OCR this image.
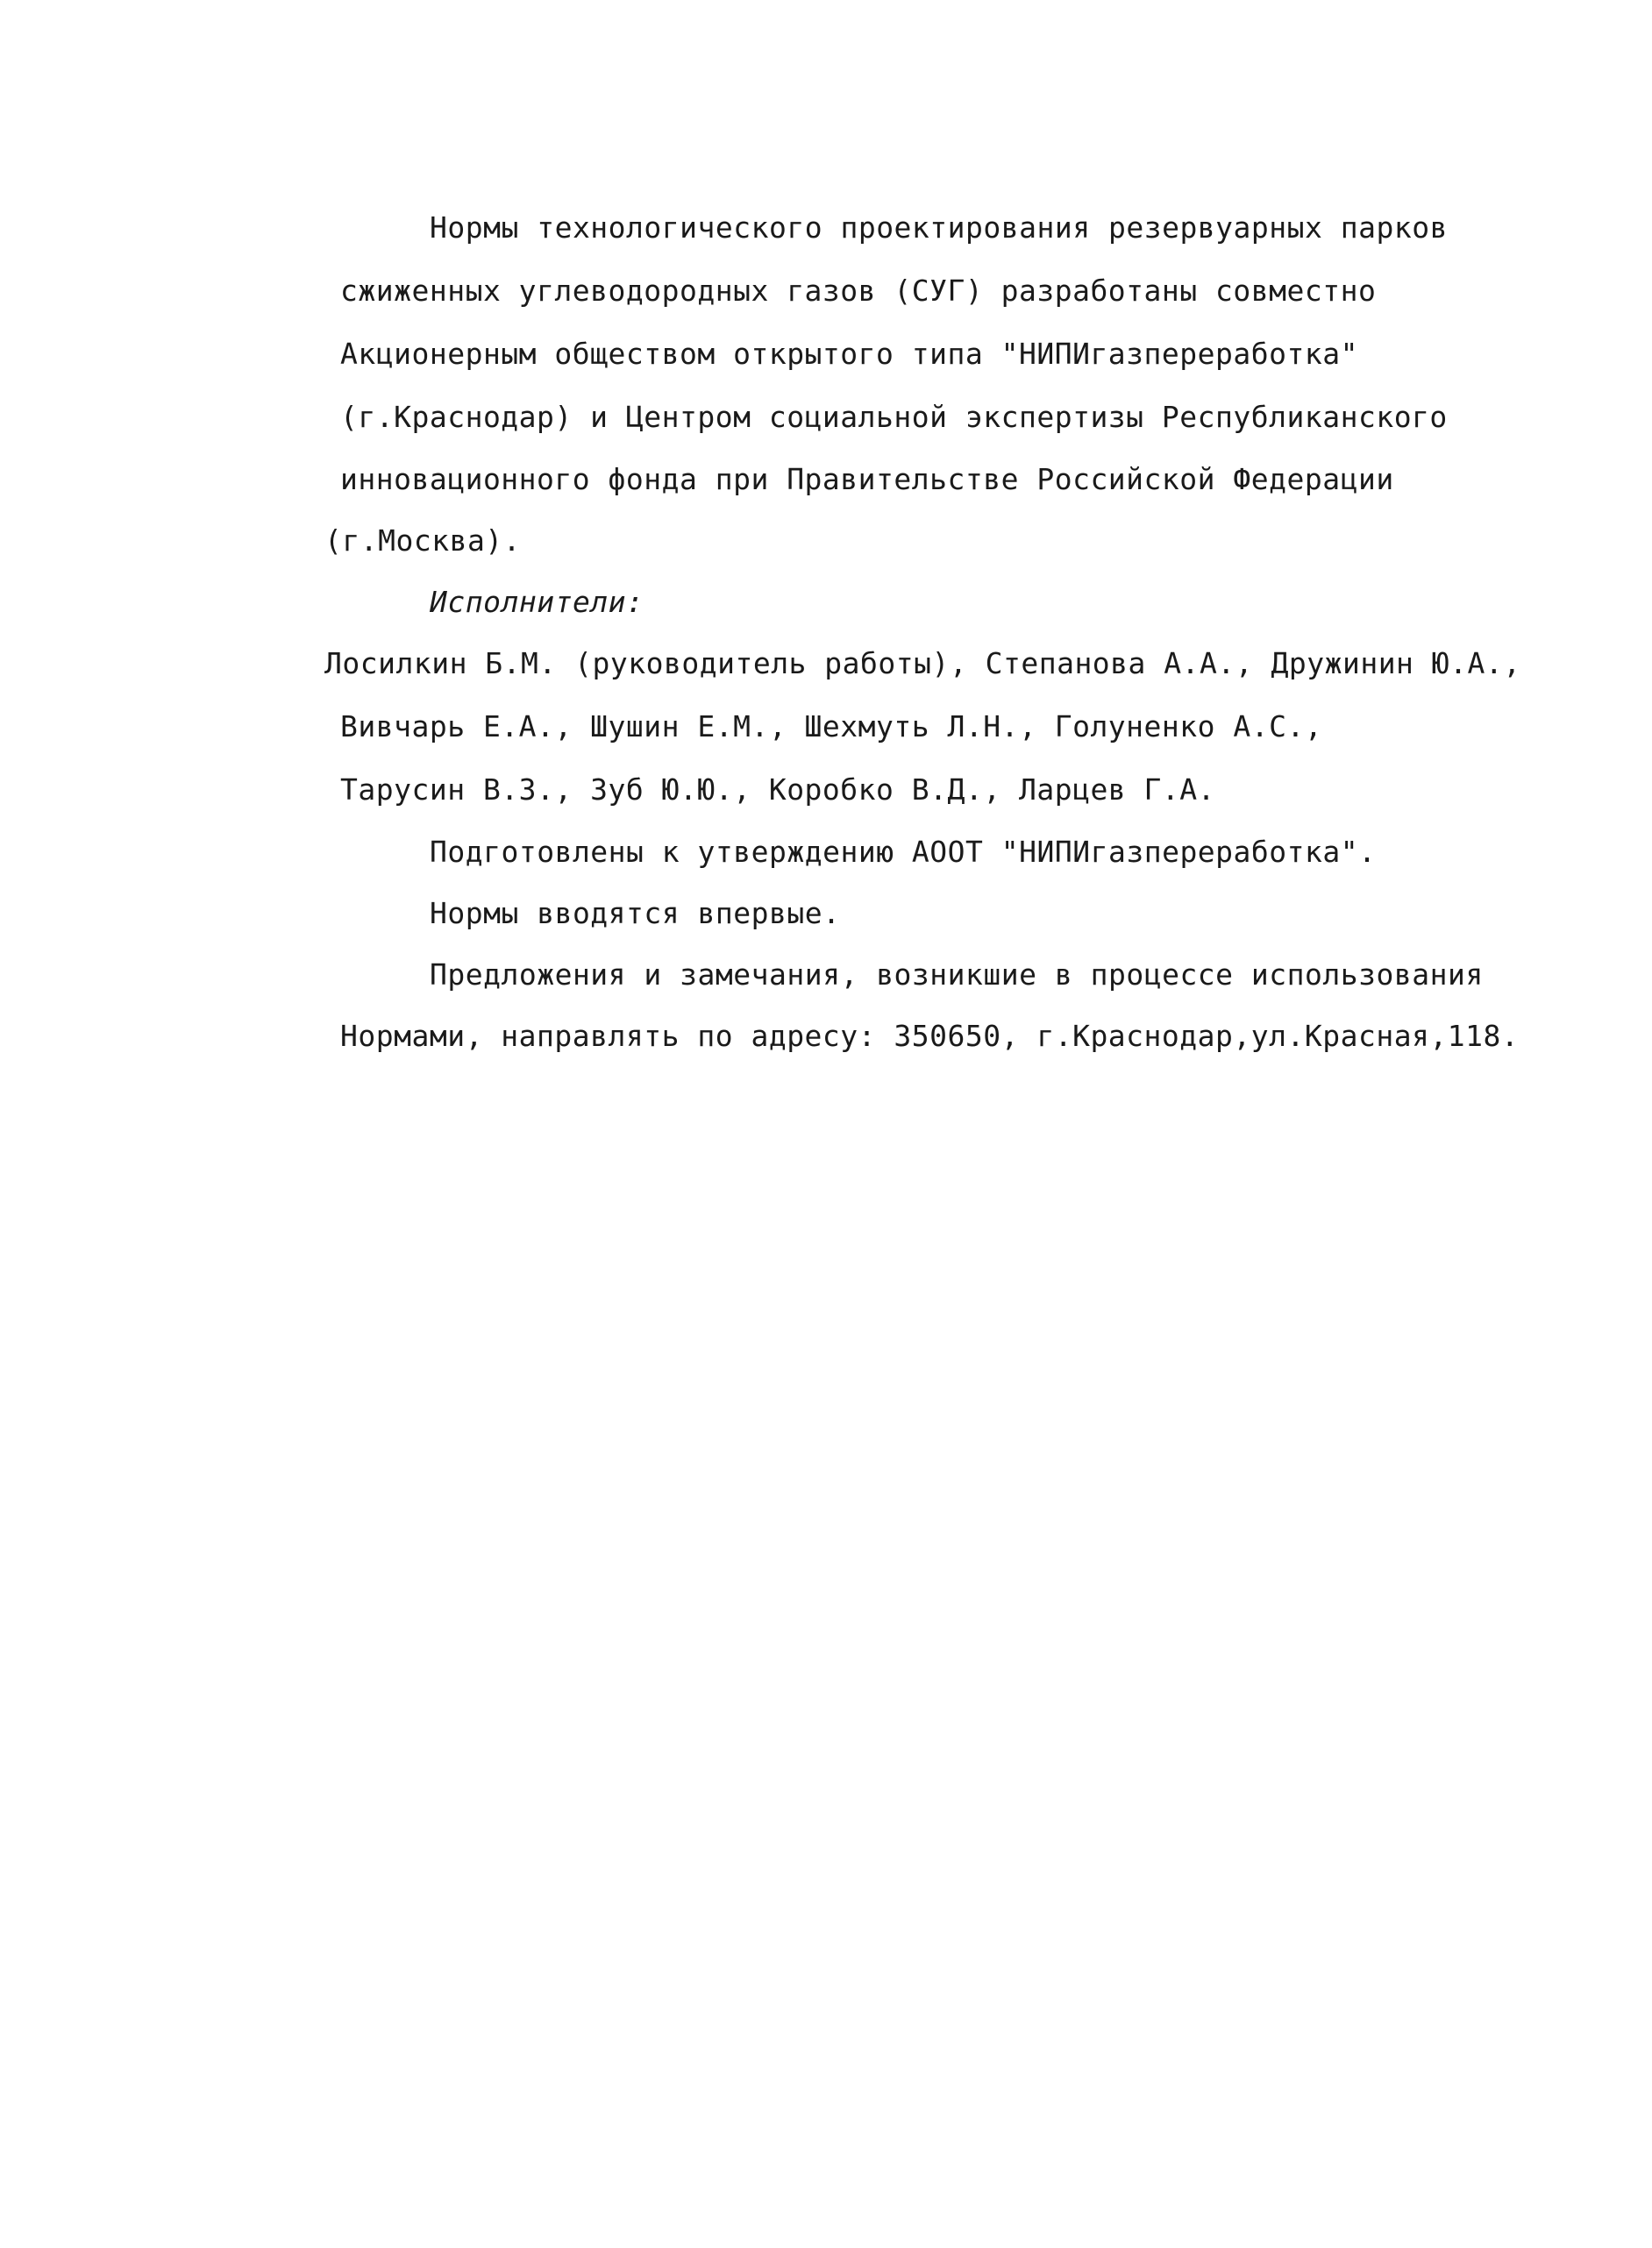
Нормы технологического проектирования резервуарных парков
сжиженных углеводородных газов (СУГ) разработаны совместно
Акционерным обществом открытого типа "НИПИгазпереработка"
(г.Краснодар) и Центром социальной экспертизы Республиканского
инновационного фонда при Правительстве Российской Федерации
(г.Москва).
Исполнители:
Лосилкин Б.М. (руководитель работы), Степанова А.А., Дружинин Ю.А.,
Вивчарь Е.А., Шушин Е.М., Шехмуть Л.Н., Голуненко А.С.,
Тарусин В.З., Зуб Ю.Ю., Коробко В.Д., Ларцев Г.А.
Подготовлены к утверждению АООТ "НИПИгазпереработка".
Нормы вводятся впервые.
Предложения и замечания, возникшие в процессе использования
Нормами, направлять по адресу: 350650, г.Краснодар,ул.Красная,118.
